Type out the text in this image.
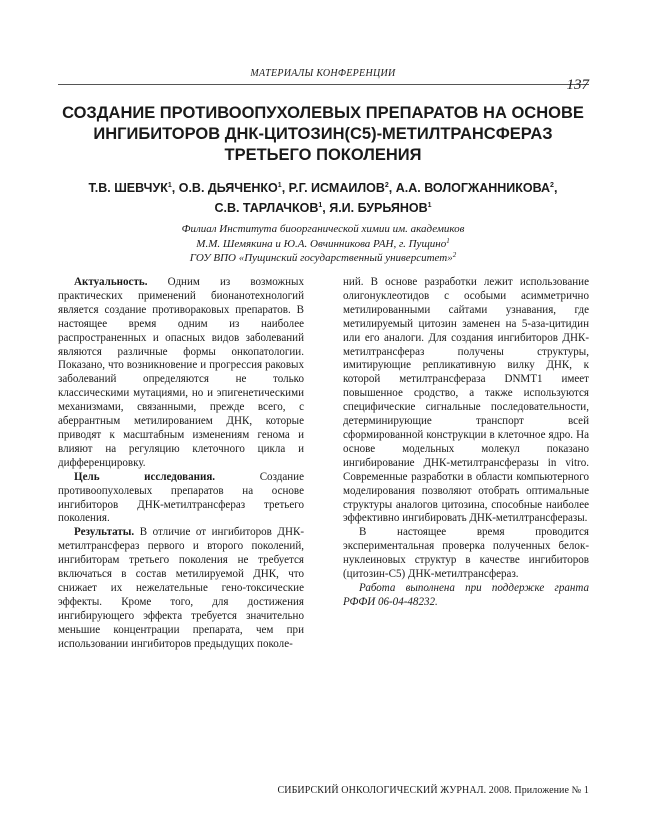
МАТЕРИАЛЫ КОНФЕРЕНЦИИ
137
СОЗДАНИЕ ПРОТИВООПУХОЛЕВЫХ ПРЕПАРАТОВ НА ОСНОВЕ
ИНГИБИТОРОВ ДНК-ЦИТОЗИН(С5)-МЕТИЛТРАНСФЕРАЗ
ТРЕТЬЕГО ПОКОЛЕНИЯ
Т.В. ШЕВЧУК$^1$, О.В. ДЬЯЧЕНКО$^1$, Р.Г. ИСМАИЛОВ$^2$, А.А. ВОЛОГЖАННИКОВА$^2$,
С.В. ТАРЛАЧКОВ$^1$, Я.И. БУРЬЯНОВ$^1$
Филиал Института биоорганической химии им. академиков
М.М. Шемякина и Ю.А. Овчинникова РАН, г. Пущино$^1$
ГОУ ВПО «Пущинский государственный университет»$^2$

Актуальность. Одним из возможных практических применений бионанотехнологий является создание противораковых препаратов. В настоящее время одним из наиболее распространенных и опасных видов заболеваний являются различные формы онкопатологии. Показано, что возникновение и прогрессия раковых заболеваний определяются не только классическими мутациями, но и эпигенетическими механизмами, связанными, прежде всего, с аберрантным метилированием ДНК, которые приводят к масштабным изменениям генома и влияют на регуляцию клеточного цикла и дифференцировку.

Цель исследования. Создание противоопухолевых препаратов на основе ингибиторов ДНК-метилтрансфераз третьего поколения.

Результаты. В отличие от ингибиторов ДНК-метилтрансфераз первого и второго поколений, ингибиторам третьего поколения не требуется включаться в состав метилируемой ДНК, что снижает их нежелательные гено-токсические эффекты. Кроме того, для достижения ингибирующего эффекта требуется значительно меньшие концентрации препарата, чем при использовании ингибиторов предыдущих поколе-

ний. В основе разработки лежит использование олигонуклеотидов с особыми асимметрично метилированными сайтами узнавания, где метилируемый цитозин заменен на 5-аза-цитидин или его аналоги. Для создания ингибиторов ДНК-метилтрансфераз получены структуры, имитирующие репликативную вилку ДНК, к которой метилтрансфераза DNMT1 имеет повышенное сродство, а также используются специфические сигнальные последовательности, детерминирующие транспорт всей сформированной конструкции в клеточное ядро. На основе модельных молекул показано ингибирование ДНК-метилтрансферазы in vitro. Современные разработки в области компьютерного моделирования позволяют отобрать оптимальные структуры аналогов цитозина, способные наиболее эффективно ингибировать ДНК-метилтрансферазы.

В настоящее время проводится экспериментальная проверка полученных белок-нуклеиновых структур в качестве ингибиторов (цитозин-С5) ДНК-метилтрансфераз.

Работа выполнена при поддержке гранта РФФИ 06-04-48232.

СИБИРСКИЙ ОНКОЛОГИЧЕСКИЙ ЖУРНАЛ. 2008. Приложение № 1
